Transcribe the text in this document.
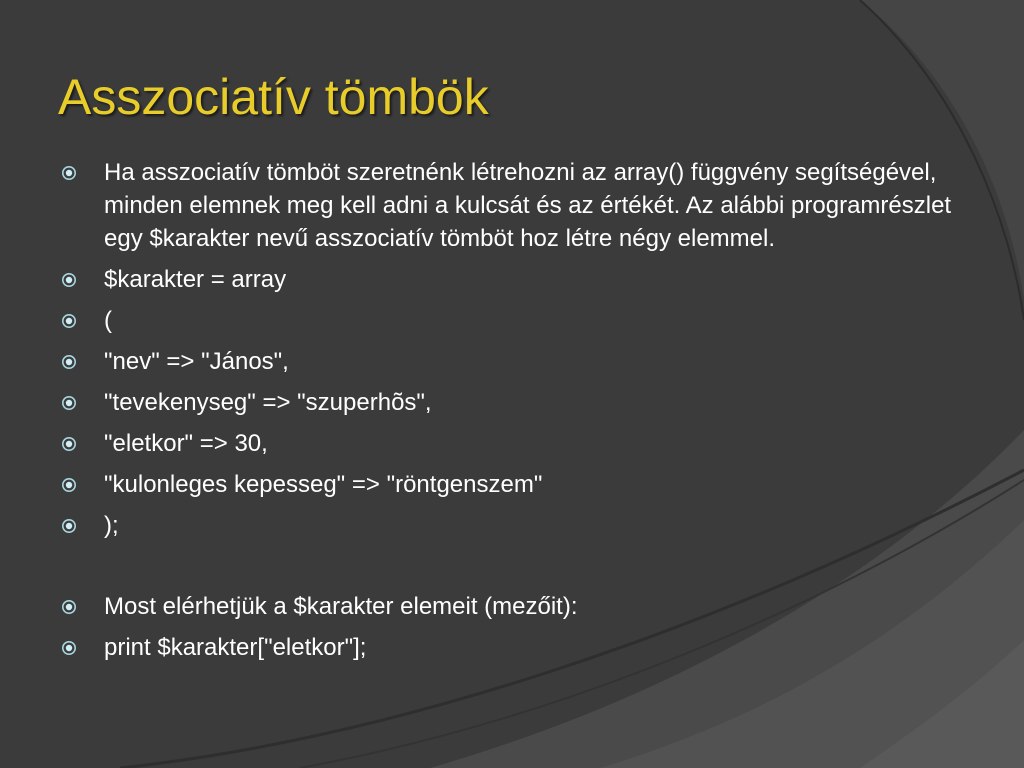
Asszociatív tömbök
Ha asszociatív tömböt szeretnénk létrehozni az array() függvény segítségével, minden elemnek meg kell adni a kulcsát és az értékét. Az alábbi programrészlet egy $karakter nevű asszociatív tömböt hoz létre négy elemmel.
$karakter = array
(
"nev" => "János",
"tevekenyseg" => "szuperhõs",
"eletkor" => 30,
"kulonleges kepesseg" => "röntgenszem"
);
Most elérhetjük a $karakter elemeit (mezőit):
print $karakter["eletkor"];
